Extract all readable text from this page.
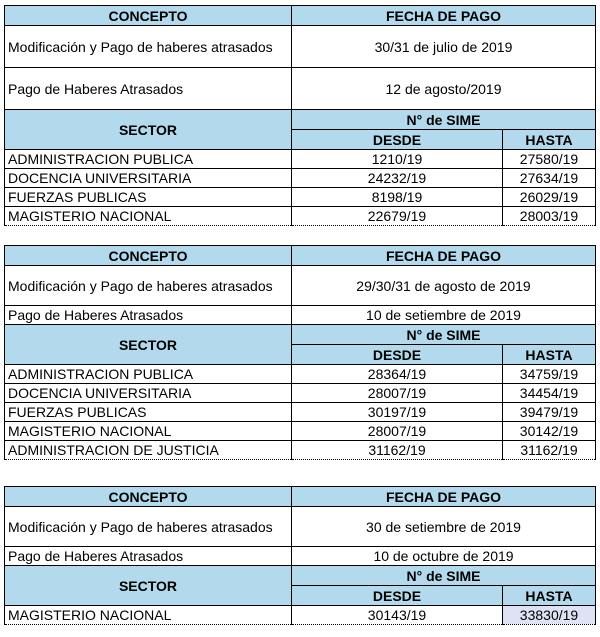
CONCEPTO	FECHA DE PAGO	
Modificación y Pago de haberes atrasados	30/31 de julio de 2019	
Pago de Haberes Atrasados	12 de agosto/2019	
SECTOR	N° de SIME	
	DESDE	HASTA
ADMINISTRACION PUBLICA	1210/19	27580/19
DOCENCIA UNIVERSITARIA	24232/19	27634/19
FUERZAS PUBLICAS	8198/19	26029/19
MAGISTERIO NACIONAL	22679/19	28003/19
CONCEPTO	FECHA DE PAGO	
Modificación y Pago de haberes atrasados	29/30/31 de agosto de 2019	
Pago de Haberes Atrasados	10 de setiembre de 2019	
SECTOR	N° de SIME	
	DESDE	HASTA
ADMINISTRACION PUBLICA	28364/19	34759/19
DOCENCIA UNIVERSITARIA	28007/19	34454/19
FUERZAS PUBLICAS	30197/19	39479/19
MAGISTERIO NACIONAL	28007/19	30142/19
ADMINISTRACION DE JUSTICIA	31162/19	31162/19
CONCEPTO	FECHA DE PAGO	
Modificación y Pago de haberes atrasados	30 de setiembre de 2019	
Pago de Haberes Atrasados	10 de octubre de 2019	
SECTOR	N° de SIME	
	DESDE	HASTA
MAGISTERIO NACIONAL	30143/19	33830/19
